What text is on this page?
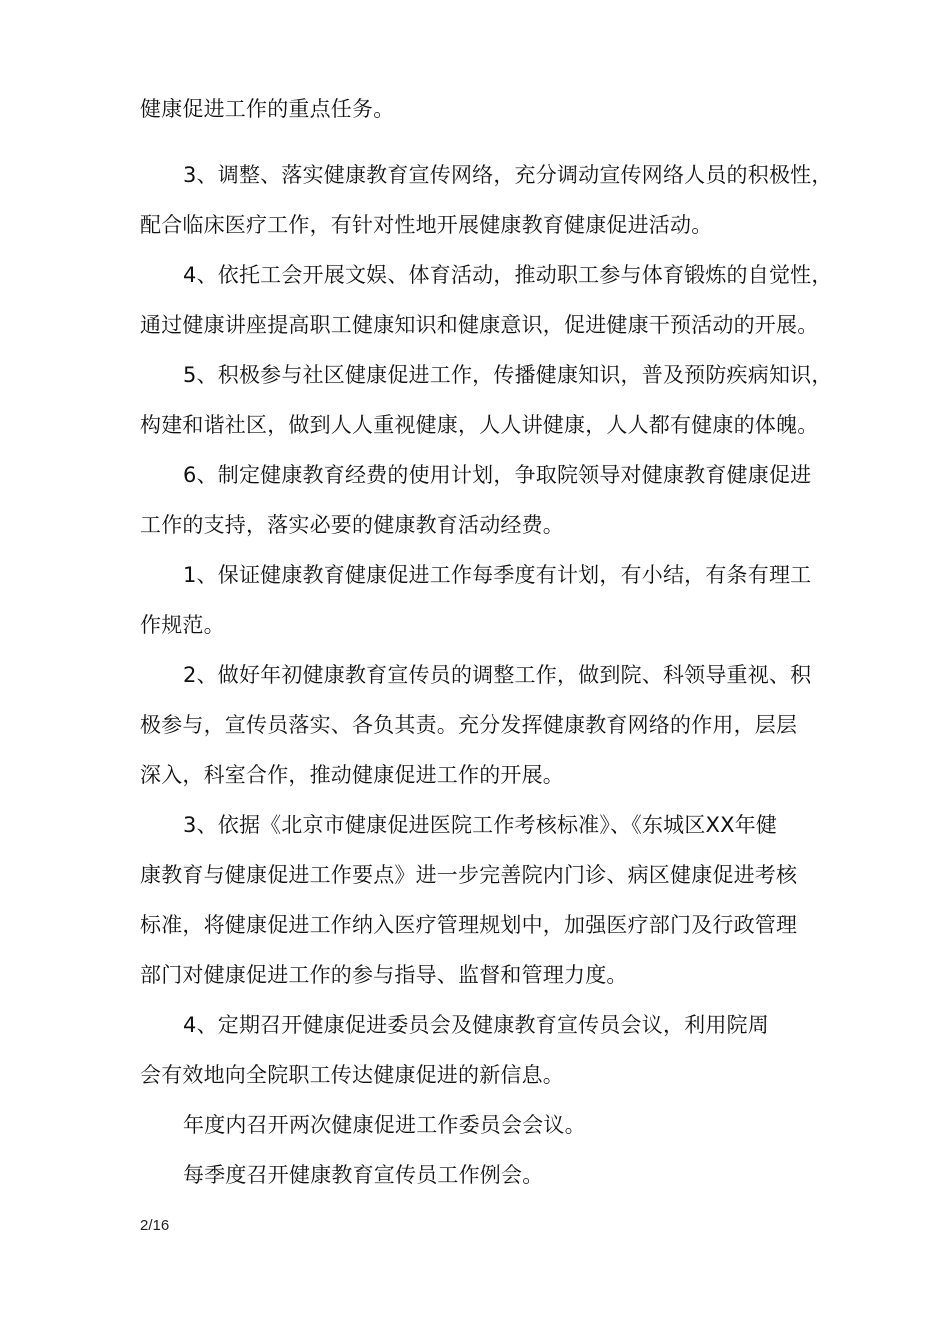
健康促进工作的重点任务。
3、调整、落实健康教育宣传网络，充分调动宣传网络人员的积极性，
配合临床医疗工作，有针对性地开展健康教育健康促进活动。
4、依托工会开展文娱、体育活动，推动职工参与体育锻炼的自觉性，
通过健康讲座提高职工健康知识和健康意识，促进健康干预活动的开展。
5、积极参与社区健康促进工作，传播健康知识，普及预防疾病知识，
构建和谐社区，做到人人重视健康，人人讲健康，人人都有健康的体魄。
6、制定健康教育经费的使用计划，争取院领导对健康教育健康促进
工作的支持，落实必要的健康教育活动经费。
1、保证健康教育健康促进工作每季度有计划，有小结，有条有理工
作规范。
2、做好年初健康教育宣传员的调整工作，做到院、科领导重视、积
极参与，宣传员落实、各负其责。充分发挥健康教育网络的作用，层层
深入，科室合作，推动健康促进工作的开展。
3、依据《北京市健康促进医院工作考核标准》、《东城区XX年健
康教育与健康促进工作要点》进一步完善院内门诊、病区健康促进考核
标准，将健康促进工作纳入医疗管理规划中，加强医疗部门及行政管理
部门对健康促进工作的参与指导、监督和管理力度。
4、定期召开健康促进委员会及健康教育宣传员会议，利用院周
会有效地向全院职工传达健康促进的新信息。
年度内召开两次健康促进工作委员会会议。
每季度召开健康教育宣传员工作例会。
2/16
